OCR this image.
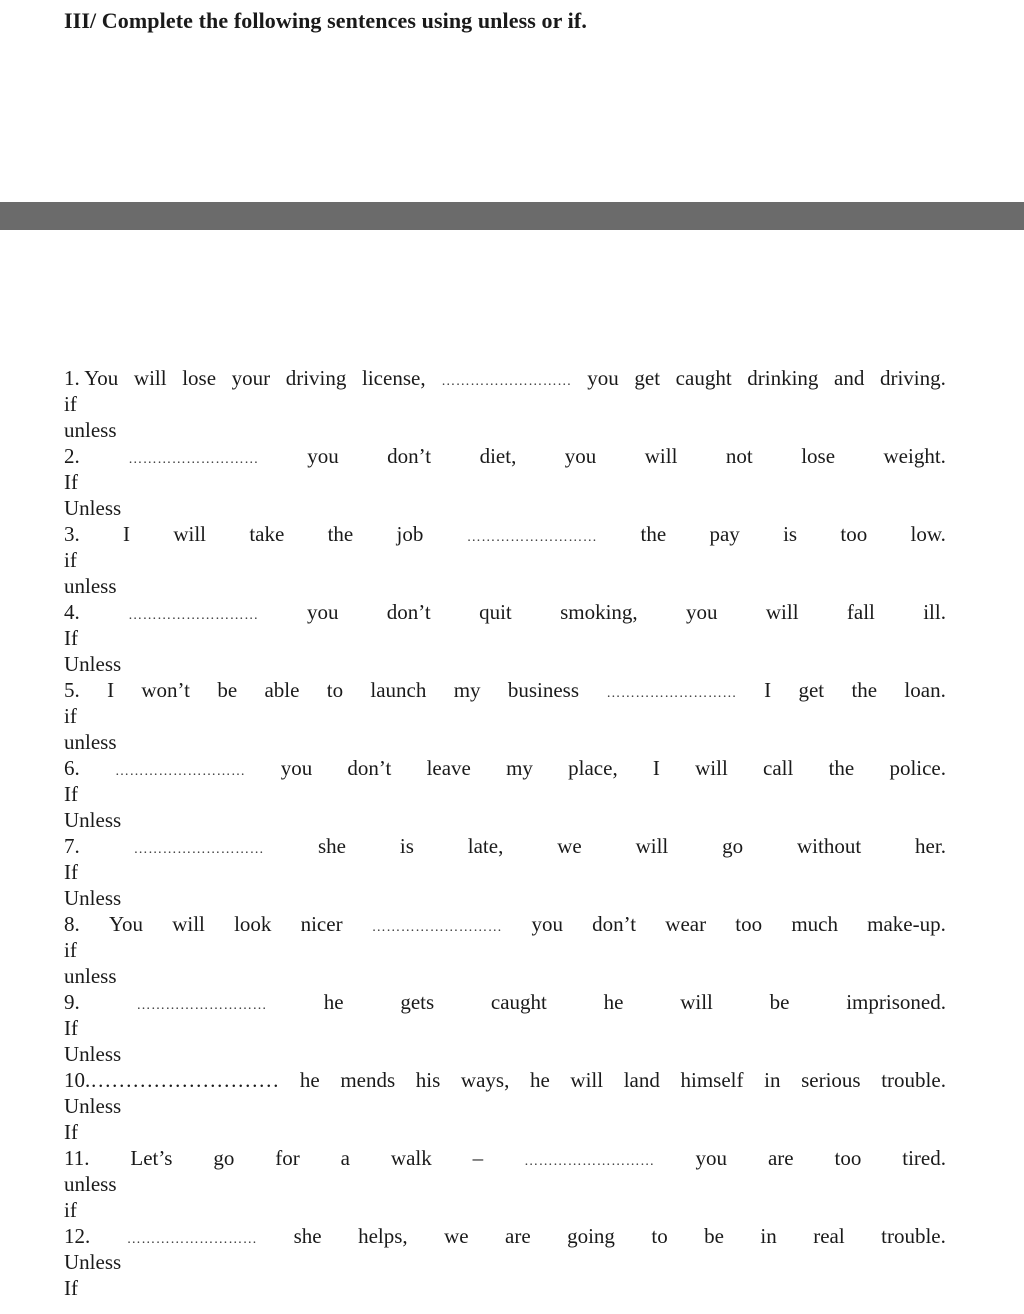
III/ Complete the following sentences using unless or if.
1. You will lose your driving license, ……………………… you get caught drinking and driving.
if
unless
2.	……………………… you don’t diet, you will not lose weight.
If
Unless
3. I will take the job	……………………… the pay is too low.
if
unless
4.	……………………… you don’t quit smoking, you will fall ill.
If
Unless
5. I won’t be able to launch my business ……………………… I get the loan.
if
unless
6.	……………………… you don’t leave my place, I will call the police.
If
Unless
7.	………………………	she	is	late,	we	will	go	without	her.
If
Unless
8. You will look nicer ……………………… you don’t wear too much make-up.
if
unless
9.	………………………	he	gets	caught	he	will	be	imprisoned.
If
Unless
10.……………………… he mends his ways, he will land himself in serious trouble.
Unless
If
11. Let’s go for a walk –	……………………… you are too tired.
unless
if
12.	……………………… she helps, we are going to be in real trouble.
Unless
If
